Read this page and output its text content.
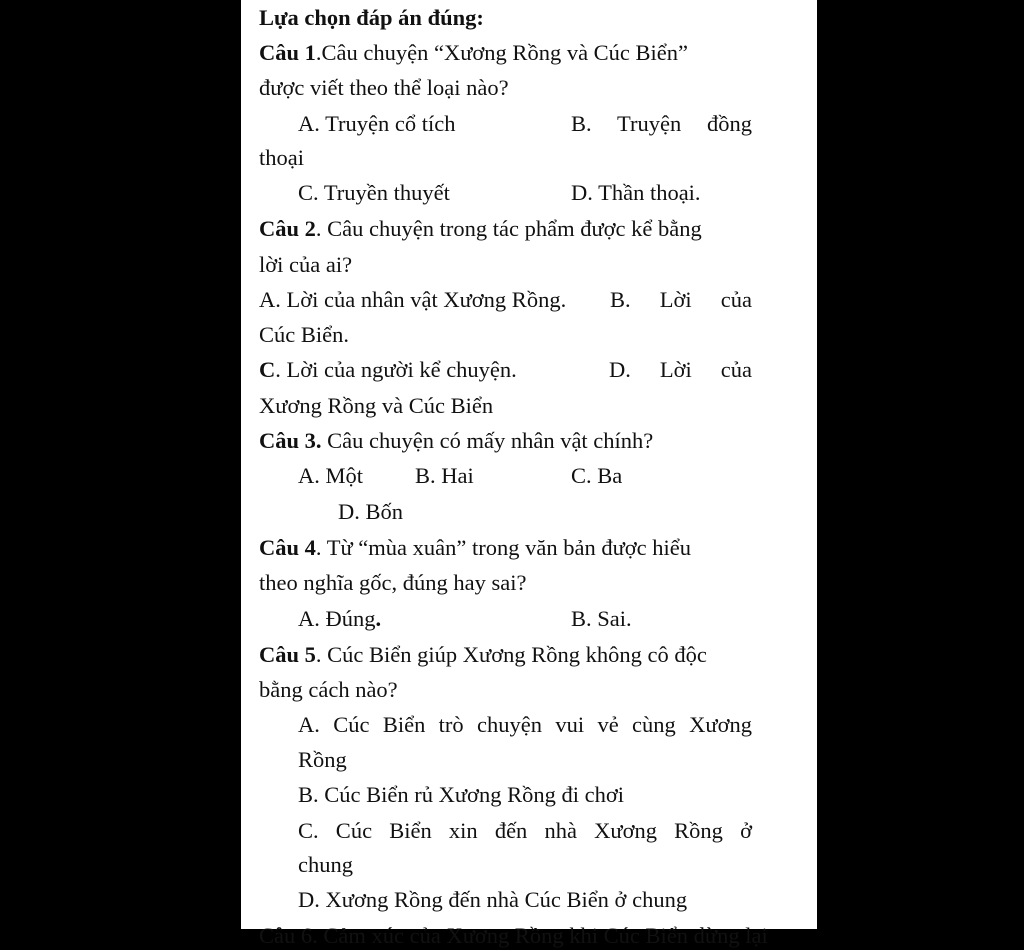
Lựa chọn đáp án đúng:
Câu 1.Câu chuyện “Xương Rồng và Cúc Biển”
được viết theo thể loại nào?
A. Truyện cổ tích	B. Truyện đồng
thoại
C. Truyền thuyết	D. Thần thoại.
Câu 2. Câu chuyện trong tác phẩm được kể bằng
lời của ai?
A. Lời của nhân vật Xương Rồng. B. Lời của
Cúc Biển.
C. Lời của người kể chuyện.	D. Lời của
Xương Rồng và Cúc Biển
Câu 3. Câu chuyện có mấy nhân vật chính?
A. Một B. Hai	C. Ba
D. Bốn
Câu 4. Từ “mùa xuân” trong văn bản được hiểu
theo nghĩa gốc, đúng hay sai?
A. Đúng.	B. Sai.
Câu 5. Cúc Biển giúp Xương Rồng không cô độc
bằng cách nào?
A. Cúc Biển trò chuyện vui vẻ cùng Xương
Rồng
B. Cúc Biển rủ Xương Rồng đi chơi
C. Cúc Biển xin đến nhà Xương Rồng ở
chung
D. Xương Rồng đến nhà Cúc Biển ở chung
Câu 6. Cảm xúc của Xương Rồng khi Cúc Biển dừng lại
